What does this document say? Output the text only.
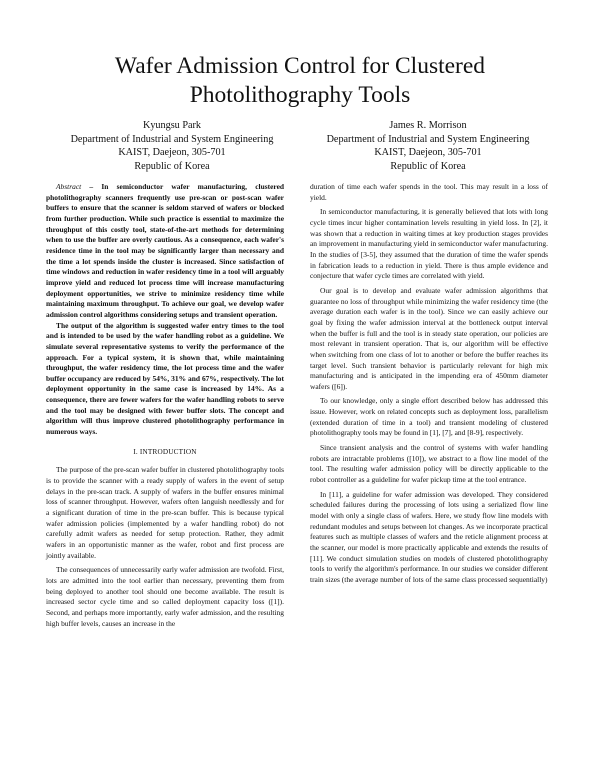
Wafer Admission Control for Clustered
Photolithography Tools
Kyungsu Park
Department of Industrial and System Engineering
KAIST, Daejeon, 305-701
Republic of Korea
James R. Morrison
Department of Industrial and System Engineering
KAIST, Daejeon, 305-701
Republic of Korea

Abstract – In semiconductor wafer manufacturing, clustered photolithography scanners frequently use pre-scan or post-scan wafer buffers to ensure that the scanner is seldom starved of wafers or blocked from further production. While such practice is essential to maximize the throughput of this costly tool, state-of-the-art methods for determining when to use the buffer are overly cautious. As a consequence, each wafer's residence time in the tool may be significantly larger than necessary and the time a lot spends inside the cluster is increased. Since satisfaction of time windows and reduction in wafer residency time in a tool will arguably improve yield and reduced lot process time will increase manufacturing deployment opportunities, we strive to minimize residency time while maintaining maximum throughput. To achieve our goal, we develop wafer admission control algorithms considering setups and transient operation.

The output of the algorithm is suggested wafer entry times to the tool and is intended to be used by the wafer handling robot as a guideline. We simulate several representative systems to verify the performance of the approach. For a typical system, it is shown that, while maintaining throughput, the wafer residency time, the lot process time and the wafer buffer occupancy are reduced by 54%, 31% and 67%, respectively. The lot deployment opportunity in the same case is increased by 14%. As a consequence, there are fewer wafers for the wafer handling robots to serve and the tool may be designed with fewer buffer slots. The concept and algorithm will thus improve clustered photolithography performance in numerous ways.

I. INTRODUCTION

The purpose of the pre-scan wafer buffer in clustered photolithography tools is to provide the scanner with a ready supply of wafers in the event of setup delays in the pre-scan track. A supply of wafers in the buffer ensures minimal loss of scanner throughput. However, wafers often languish needlessly and for a significant duration of time in the pre-scan buffer. This is because typical wafer admission policies (implemented by a wafer handling robot) do not carefully admit wafers as needed for setup protection. Rather, they admit wafers in an opportunistic manner as the wafer, robot and first process are jointly available.

The consequences of unnecessarily early wafer admission are twofold. First, lots are admitted into the tool earlier than necessary, preventing them from being deployed to another tool should one become available. The result is increased sector cycle time and so called deployment capacity loss ([1]). Second, and perhaps more importantly, early wafer admission, and the resulting high buffer levels, causes an increase in the

duration of time each wafer spends in the tool. This may result in a loss of yield.

In semiconductor manufacturing, it is generally believed that lots with long cycle times incur higher contamination levels resulting in yield loss. In [2], it was shown that a reduction in waiting times at key production stages provides an improvement in manufacturing yield in semiconductor wafer manufacturing. In the studies of [3-5], they assumed that the duration of time the wafer spends in fabrication leads to a reduction in yield. There is thus ample evidence and conjecture that wafer cycle times are correlated with yield.

Our goal is to develop and evaluate wafer admission algorithms that guarantee no loss of throughput while minimizing the wafer residency time (the average duration each wafer is in the tool). Since we can easily achieve our goal by fixing the wafer admission interval at the bottleneck output interval when the buffer is full and the tool is in steady state operation, our policies are most relevant in transient operation. That is, our algorithm will be effective when switching from one class of lot to another or before the buffer reaches its target level. Such transient behavior is particularly relevant for high mix manufacturing and is anticipated in the impending era of 450mm diameter wafers ([6]).

To our knowledge, only a single effort described below has addressed this issue. However, work on related concepts such as deployment loss, parallelism (extended duration of time in a tool) and transient modeling of clustered photolithography tools may be found in [1], [7], and [8-9], respectively.

Since transient analysis and the control of systems with wafer handling robots are intractable problems ([10]), we abstract to a flow line model of the tool. The resulting wafer admission policy will be directly applicable to the robot controller as a guideline for wafer pickup time at the tool entrance.

In [11], a guideline for wafer admission was developed. They considered scheduled failures during the processing of lots using a serialized flow line model with only a single class of wafers. Here, we study flow line models with redundant modules and setups between lot changes. As we incorporate practical features such as multiple classes of wafers and the reticle alignment process at the scanner, our model is more practically applicable and extends the results of [11]. We conduct simulation studies on models of clustered photolithography tools to verify the algorithm's performance. In our studies we consider different train sizes (the average number of lots of the same class processed sequentially)
